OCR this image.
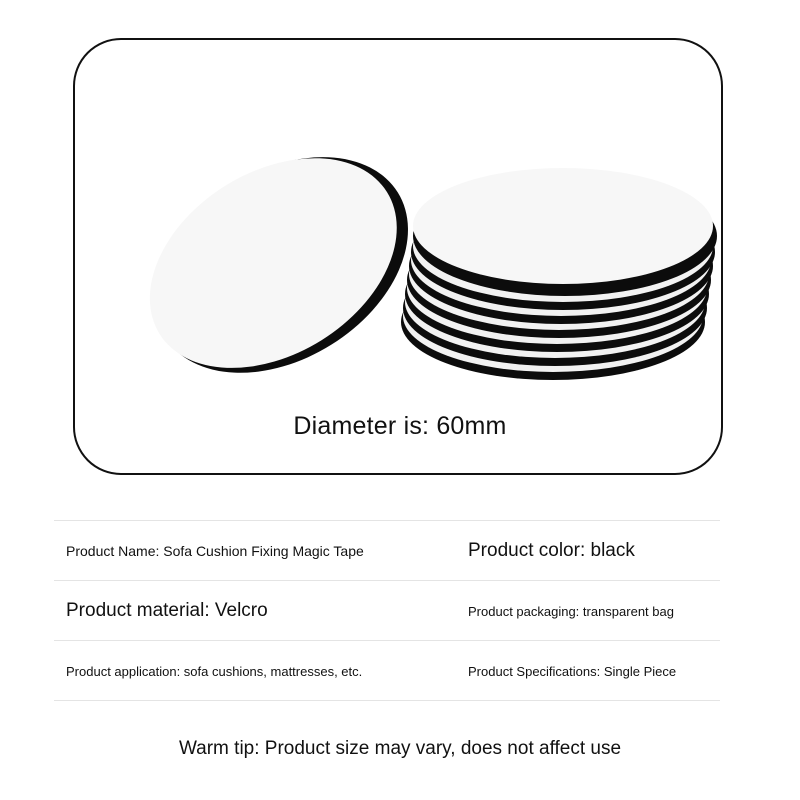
Diameter is: 60mm
Product Name: Sofa Cushion Fixing Magic Tape	Product color: black
Product material: Velcro	Product packaging: transparent bag
Product application: sofa cushions, mattresses, etc.	Product Specifications: Single Piece
Warm tip: Product size may vary, does not affect use
